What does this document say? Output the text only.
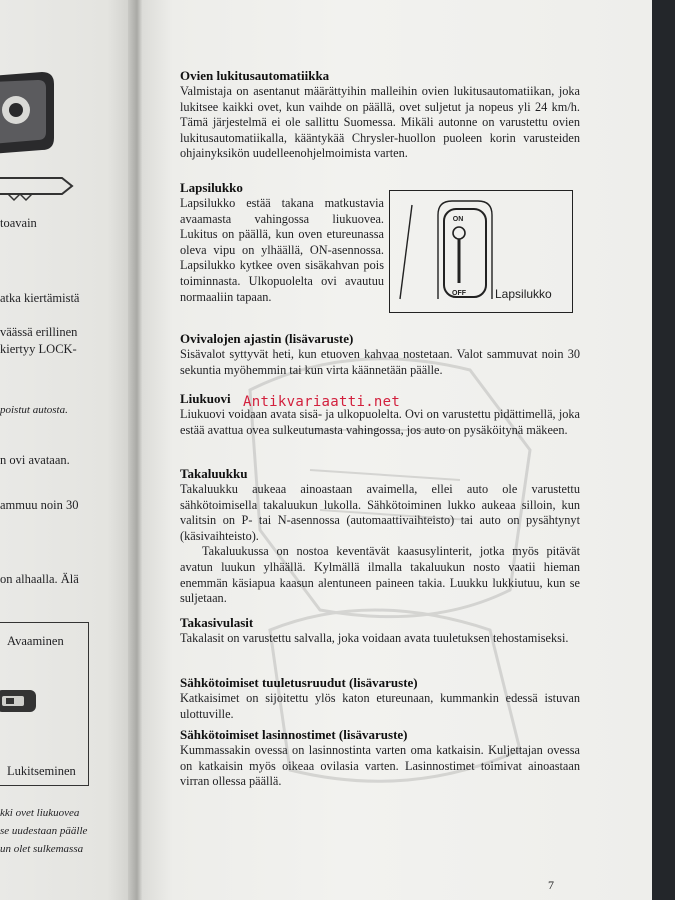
toavain
atka kiertämistä
väässä erillinen
kiertyy LOCK-
poistut autosta.
n ovi avataan.
ammuu noin 30
on alhaalla. Älä
Avaaminen
Lukitseminen
kki ovet liukuovea
se uudestaan päälle
un olet sulkemassa
Ovien lukitusautomatiikka

Valmistaja on asentanut määrättyihin malleihin ovien lukitusautomatiikan, joka lukitsee kaikki ovet, kun vaihde on päällä, ovet suljetut ja nopeus yli 24 km/h. Tämä järjestelmä ei ole sallittu Suomessa. Mikäli autonne on varustettu ovien lukitusautomatiikalla, kääntykää Chrysler-huollon puoleen korin varusteiden ohjainyksikön uudelleenohjelmoimista varten.

Lapsilukko

Lapsilukko estää takana matkustavia avaamasta vahingossa liukuovea. Lukitus on päällä, kun oven etureunassa oleva vipu on ylhäällä, ON-asennossa. Lapsilukko kytkee oven sisäkahvan pois toiminnasta. Ulkopuolelta ovi avautuu normaaliin tapaan.

Ovivalojen ajastin (lisävaruste)

Sisävalot syttyvät heti, kun etuoven kahvaa nostetaan. Valot sammuvat noin 30 sekuntia myöhemmin tai kun virta käännetään päälle.

Liukuovi

Liukuovi voidaan avata sisä- ja ulkopuolelta. Ovi on varustettu pidättimellä, joka estää avattua ovea sulkeutumasta vahingossa, jos auto on pysäköitynä mäkeen.

Takaluukku

Takaluukku aukeaa ainoastaan avaimella, ellei auto ole varustettu sähkötoimisella takaluukun lukolla. Sähkötoiminen lukko aukeaa silloin, kun valitsin on P- tai N-asennossa (automaattivaihteisto) tai auto on pysähtynyt (käsivaihteisto).

Takaluukussa on nostoa keventävät kaasusylinterit, jotka myös pitävät avatun luukun ylhäällä. Kylmällä ilmalla takaluukun nosto vaatii hieman enemmän käsiapua kaasun alentuneen paineen takia. Luukku lukkiutuu, kun se suljetaan.

Takasivulasit

Takalasit on varustettu salvalla, joka voidaan avata tuuletuksen tehostamiseksi.

Sähkötoimiset tuuletusruudut (lisävaruste)

Katkaisimet on sijoitettu ylös katon etureunaan, kummankin edessä istuvan ulottuville.

Sähkötoimiset lasinnostimet (lisävaruste)

Kummassakin ovessa on lasinnostinta varten oma katkaisin. Kuljettajan ovessa on katkaisin myös oikeaa ovilasia varten. Lasinnostimet toimivat ainoastaan virran ollessa päällä.

ON
OFF Lapsilukko
Antikvariaatti.net
7
